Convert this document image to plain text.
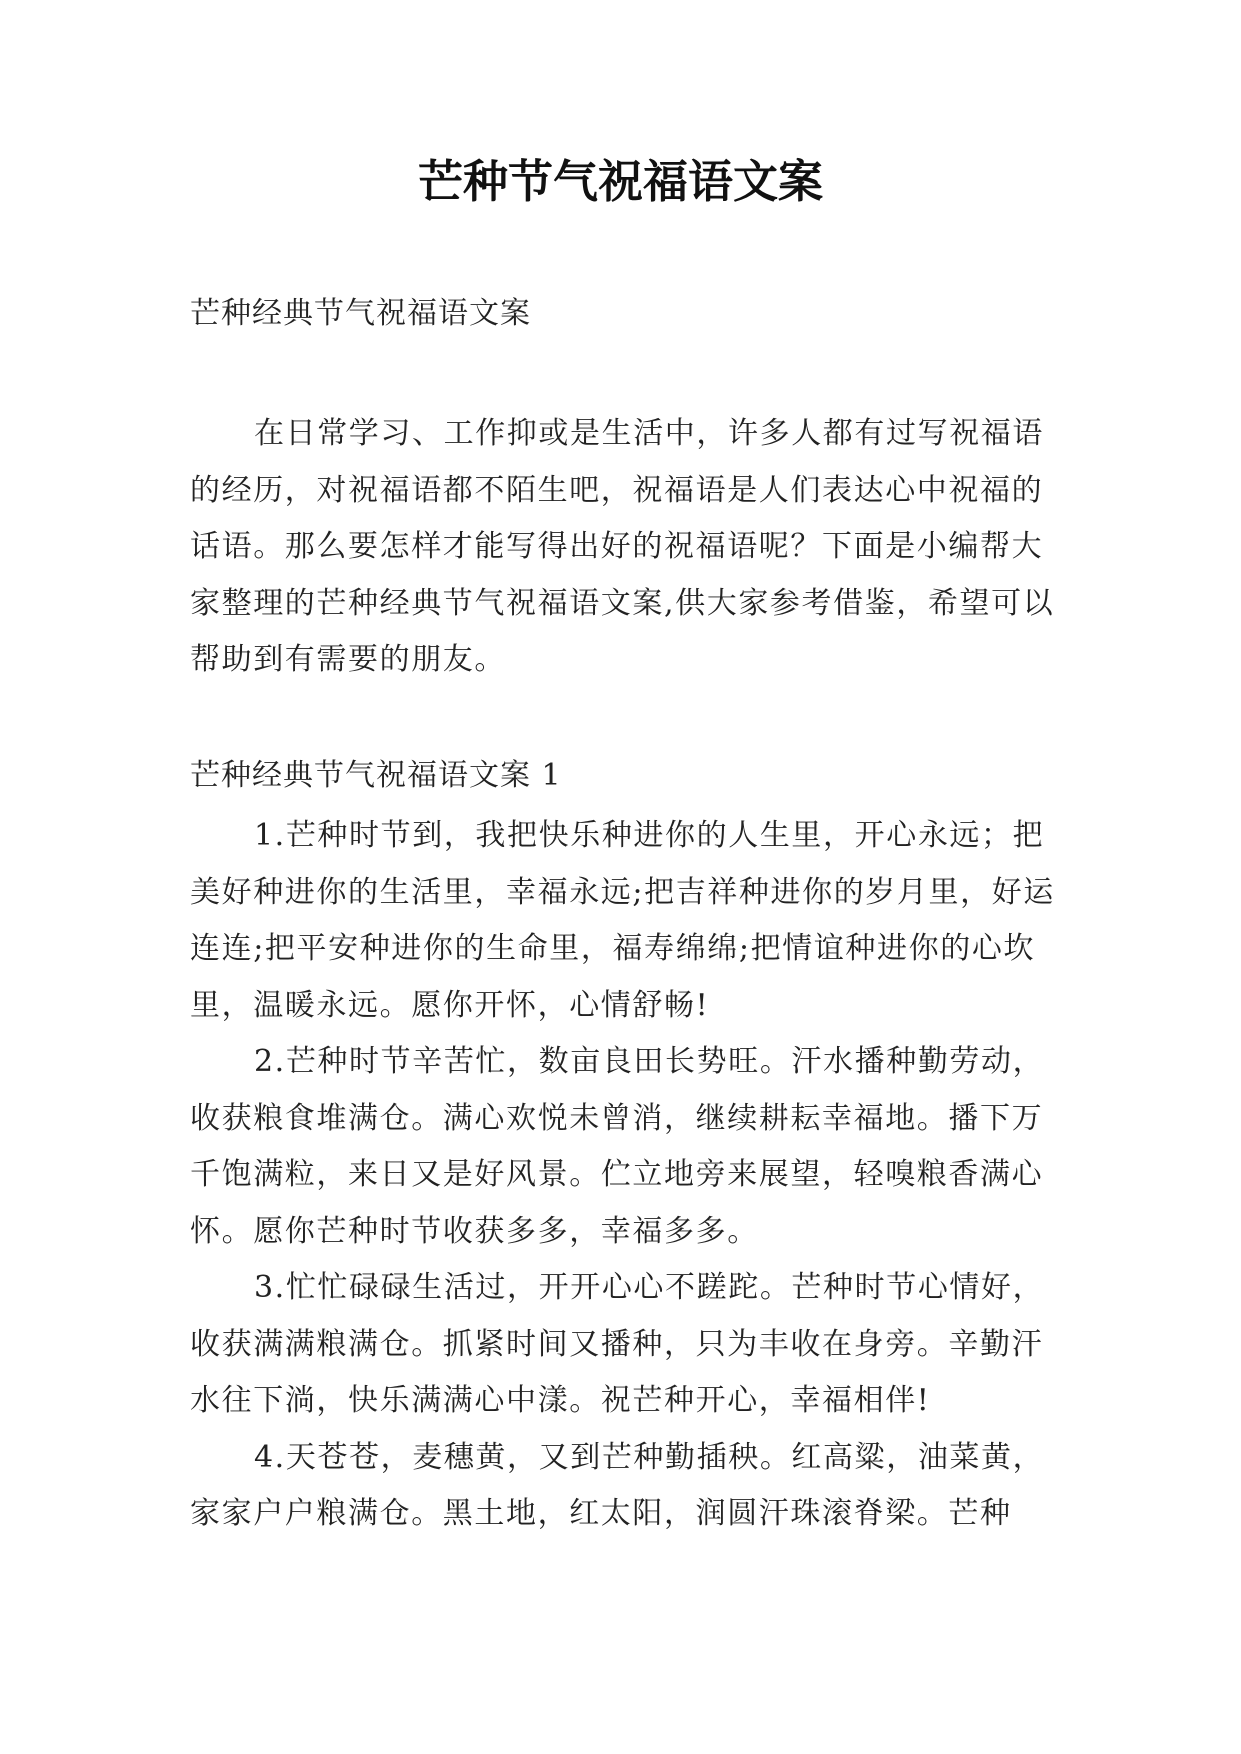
芒种节气祝福语文案
芒种经典节气祝福语文案

在日常学习、工作抑或是生活中，许多人都有过写祝福语的经历，对祝福语都不陌生吧，祝福语是人们表达心中祝福的话语。那么要怎样才能写得出好的祝福语呢？下面是小编帮大家整理的芒种经典节气祝福语文案,供大家参考借鉴，希望可以帮助到有需要的朋友。

芒种经典节气祝福语文案 1

1.芒种时节到，我把快乐种进你的人生里，开心永远；把美好种进你的生活里，幸福永远;把吉祥种进你的岁月里，好运连连;把平安种进你的生命里，福寿绵绵;把情谊种进你的心坎里，温暖永远。愿你开怀，心情舒畅!

2.芒种时节辛苦忙，数亩良田长势旺。汗水播种勤劳动，收获粮食堆满仓。满心欢悦未曾消，继续耕耘幸福地。播下万千饱满粒，来日又是好风景。伫立地旁来展望，轻嗅粮香满心怀。愿你芒种时节收获多多，幸福多多。

3.忙忙碌碌生活过，开开心心不蹉跎。芒种时节心情好，收获满满粮满仓。抓紧时间又播种，只为丰收在身旁。辛勤汗水往下淌，快乐满满心中漾。祝芒种开心，幸福相伴!

4.天苍苍，麦穗黄，又到芒种勤插秧。红高粱，油菜黄，家家户户粮满仓。黑土地，红太阳，润圆汗珠滚脊梁。芒种
